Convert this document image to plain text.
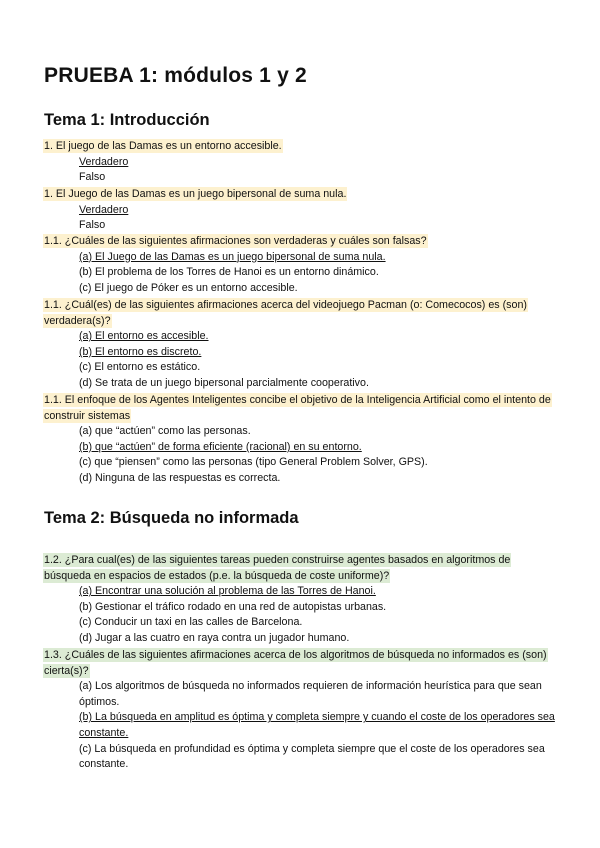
PRUEBA 1: módulos 1 y 2
Tema 1: Introducción
1. El juego de las Damas es un entorno accesible.
Verdadero
Falso
1. El Juego de las Damas es un juego bipersonal de suma nula.
Verdadero
Falso
1.1. ¿Cuáles de las siguientes afirmaciones son verdaderas y cuáles son falsas?
(a) El Juego de las Damas es un juego bipersonal de suma nula.
(b) El problema de los Torres de Hanoi es un entorno dinámico.
(c) El juego de Póker es un entorno accesible.
1.1. ¿Cuál(es) de las siguientes afirmaciones acerca del videojuego Pacman (o: Comecocos) es (son) verdadera(s)?
(a) El entorno es accesible.
(b) El entorno es discreto.
(c) El entorno es estático.
(d) Se trata de un juego bipersonal parcialmente cooperativo.
1.1. El enfoque de los Agentes Inteligentes concibe el objetivo de la Inteligencia Artificial como el intento de construir sistemas
(a) que “actúen” como las personas.
(b) que “actúen” de forma eficiente (racional) en su entorno.
(c) que “piensen” como las personas (tipo General Problem Solver, GPS).
(d) Ninguna de las respuestas es correcta.
Tema 2: Búsqueda no informada
1.2. ¿Para cual(es) de las siguientes tareas pueden construirse agentes basados en algoritmos de búsqueda en espacios de estados (p.e. la búsqueda de coste uniforme)?
(a) Encontrar una solución al problema de las Torres de Hanoi.
(b) Gestionar el tráfico rodado en una red de autopistas urbanas.
(c) Conducir un taxi en las calles de Barcelona.
(d) Jugar a las cuatro en raya contra un jugador humano.
1.3. ¿Cuáles de las siguientes afirmaciones acerca de los algoritmos de búsqueda no informados es (son) cierta(s)?
(a) Los algoritmos de búsqueda no informados requieren de información heurística para que sean óptimos.
(b) La búsqueda en amplitud es óptima y completa siempre y cuando el coste de los operadores sea constante.
(c) La búsqueda en profundidad es óptima y completa siempre que el coste de los operadores sea constante.
